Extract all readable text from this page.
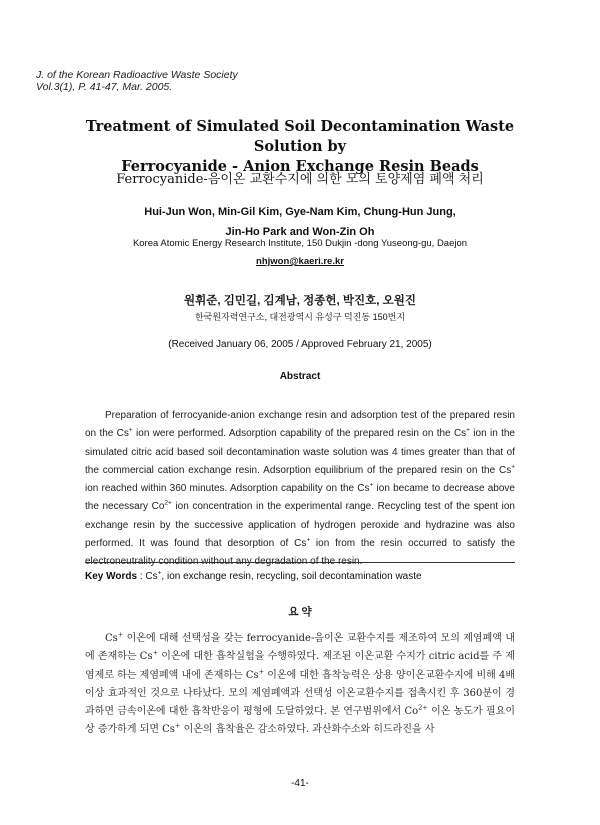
J. of the Korean Radioactive Waste Society
Vol.3(1), P. 41-47, Mar. 2005.
Treatment of Simulated Soil Decontamination Waste Solution by
Ferrocyanide - Anion Exchange Resin Beads
Ferrocyanide-음이온 교환수지에 의한 모의 토양제염 폐액 처리
Hui-Jun Won, Min-Gil Kim, Gye-Nam Kim, Chung-Hun Jung,
Jin-Ho Park and Won-Zin Oh
Korea Atomic Energy Research Institute, 150 Dukjin -dong Yuseong-gu, Daejon
nhjwon@kaeri.re.kr
원휘준, 김민길, 김계남, 정종헌, 박진호, 오원진
한국원자력연구소, 대전광역시 유성구 덕진동 150번지
(Received January 06, 2005 / Approved February 21, 2005)
Abstract

Preparation of ferrocyanide-anion exchange resin and adsorption test of the prepared resin on the Cs+ ion were performed. Adsorption capability of the prepared resin on the Cs+ ion in the simulated citric acid based soil decontamination waste solution was 4 times greater than that of the commercial cation exchange resin. Adsorption equilibrium of the prepared resin on the Cs+ ion reached within 360 minutes. Adsorption capability on the Cs+ ion became to decrease above the necessary $Co^{2+}$ ion concentration in the experimental range. Recycling test of the spent ion exchange resin by the successive application of hydrogen peroxide and hydrazine was also performed. It was found that desorption of Cs+ ion from the resin occurred to satisfy the electroneutrality condition without any degradation of the resin.

Key Words : Cs+, ion exchange resin, recycling, soil decontamination waste
요 약

Cs+ 이온에 대해 선택성을 갖는 ferrocyanide-음이온 교환수지를 제조하여 모의 제염폐액 내에 존재하는 Cs+ 이온에 대한 흡착실험을 수행하였다. 제조된 이온교환 수지가 citric acid를 주 제염제로 하는 제염폐액 내에 존재하는 Cs+ 이온에 대한 흡착능력은 상용 양이온교환수지에 비해 4배 이상 효과적인 것으로 나타났다. 모의 제염폐액과 선택성 이온교환수지를 접촉시킨 후 360분이 경과하면 금속이온에 대한 흡착반응이 평형에 도달하였다. 본 연구범위에서 $Co^{2+}$ 이온 농도가 필요이상 증가하게 되면 Cs+ 이온의 흡착율은 감소하였다. 과산화수소와 히드라진을 사

-41-
